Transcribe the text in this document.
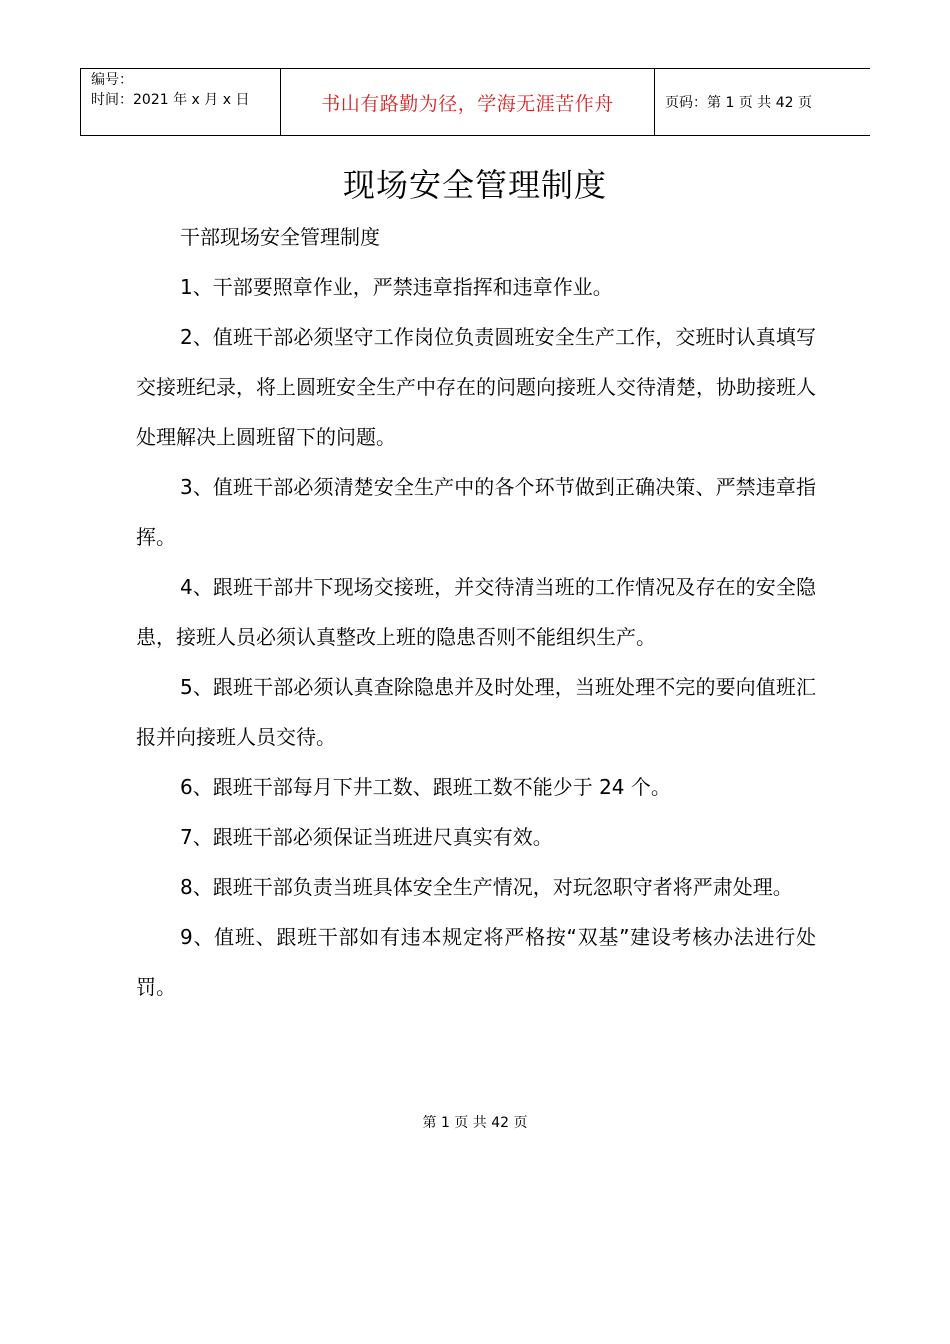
编号：
时间：2021 年 x 月 x 日	书山有路勤为径，学海无涯苦作舟	页码：第 1 页 共 42 页
现场安全管理制度

干部现场安全管理制度

1、干部要照章作业，严禁违章指挥和违章作业。

2、值班干部必须坚守工作岗位负责圆班安全生产工作，交班时认真填写交接班纪录，将上圆班安全生产中存在的问题向接班人交待清楚，协助接班人处理解决上圆班留下的问题。

3、值班干部必须清楚安全生产中的各个环节做到正确决策、严禁违章指挥。

4、跟班干部井下现场交接班，并交待清当班的工作情况及存在的安全隐患，接班人员必须认真整改上班的隐患否则不能组织生产。

5、跟班干部必须认真查除隐患并及时处理，当班处理不完的要向值班汇报并向接班人员交待。

6、跟班干部每月下井工数、跟班工数不能少于 24 个。

7、跟班干部必须保证当班进尺真实有效。

8、跟班干部负责当班具体安全生产情况，对玩忽职守者将严肃处理。

9、值班、跟班干部如有违本规定将严格按“双基”建设考核办法进行处罚。

第 1 页 共 42 页
